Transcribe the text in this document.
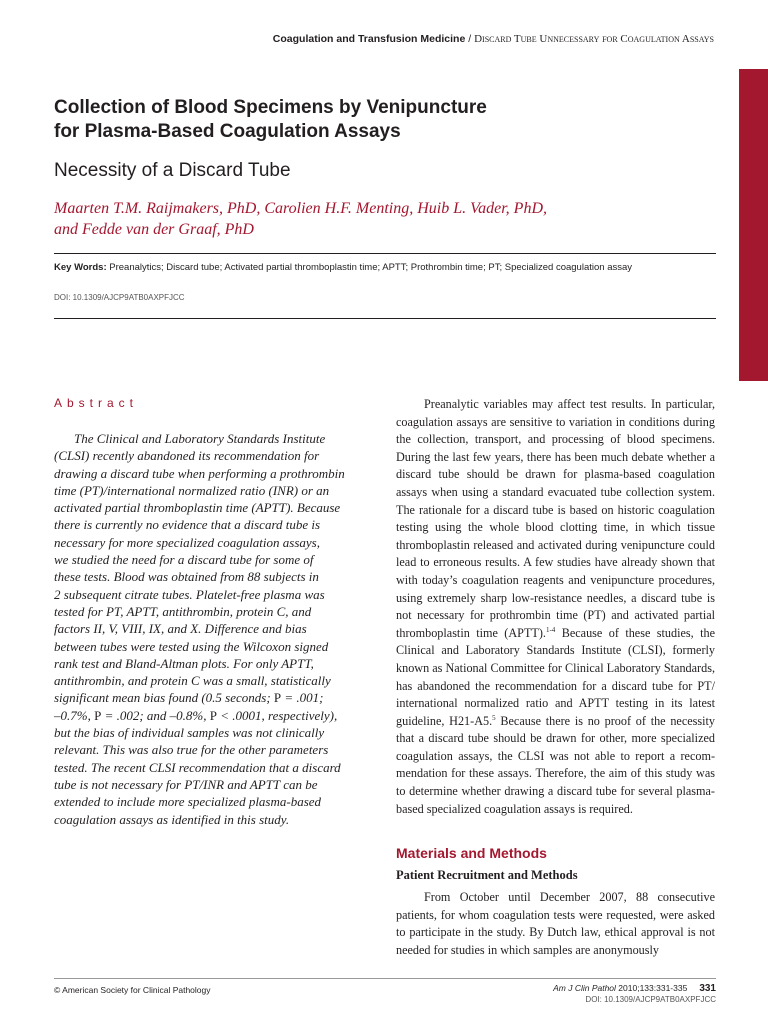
Coagulation and Transfusion Medicine / Discard Tube Unnecessary for Coagulation Assays
Collection of Blood Specimens by Venipuncture
for Plasma-Based Coagulation Assays
Necessity of a Discard Tube
Maarten T.M. Raijmakers, PhD, Carolien H.F. Menting, Huib L. Vader, PhD,
and Fedde van der Graaf, PhD
Key Words: Preanalytics; Discard tube; Activated partial thromboplastin time; APTT; Prothrombin time; PT; Specialized coagulation assay
DOI: 10.1309/AJCP9ATB0AXPFJCC
Abstract
The Clinical and Laboratory Standards Institute
(CLSI) recently abandoned its recommendation for
drawing a discard tube when performing a prothrombin
time (PT)/international normalized ratio (INR) or an
activated partial thromboplastin time (APTT). Because
there is currently no evidence that a discard tube is
necessary for more specialized coagulation assays,
we studied the need for a discard tube for some of
these tests. Blood was obtained from 88 subjects in
2 subsequent citrate tubes. Platelet-free plasma was
tested for PT, APTT, antithrombin, protein C, and
factors II, V, VIII, IX, and X. Difference and bias
between tubes were tested using the Wilcoxon signed
rank test and Bland-Altman plots. For only APTT,
antithrombin, and protein C was a small, statistically
significant mean bias found (0.5 seconds; P = .001;
–0.7%, P = .002; and –0.8%, P < .0001, respectively),
but the bias of individual samples was not clinically
relevant. This was also true for the other parameters
tested. The recent CLSI recommendation that a discard
tube is not necessary for PT/INR and APTT can be
extended to include more specialized plasma-based
coagulation assays as identified in this study.
Preanalytic variables may affect test results. In particular, coagulation assays are sensitive to variation in conditions during the collection, transport, and processing of blood specimens. During the last few years, there has been much debate whether a discard tube should be drawn for plasma-based coagulation assays when using a standard evacuated tube collection system. The rationale for a discard tube is based on historic coagulation testing using the whole blood clotting time, in which tissue thromboplastin released and activated during venipuncture could lead to erroneous results. A few studies have already shown that with today’s coagulation reagents and venipuncture procedures, using extremely sharp low-resistance needles, a discard tube is not necessary for prothrombin time (PT) and activated partial thromboplastin time (APTT).$^{1-4}$ Because of these studies, the Clinical and Laboratory Standards Institute (CLSI), formerly known as National Committee for Clinical Laboratory Standards, has abandoned the recommendation for a discard tube for PT/ international normalized ratio and APTT testing in its latest guideline, H21-A5.$^5$ Because there is no proof of the necessity that a discard tube should be drawn for other, more specialized coagulation assays, the CLSI was not able to report a recommendation for these assays. Therefore, the aim of this study was to determine whether drawing a discard tube for several plasma-based specialized coagulation assays is required.
Materials and Methods
Patient Recruitment and Methods

From October until December 2007, 88 consecutive patients, for whom coagulation tests were requested, were asked to participate in the study. By Dutch law, ethical approval is not needed for studies in which samples are anonymously

© American Society for Clinical Pathology	Am J Clin Pathol 2010;133:331-335 331
DOI: 10.1309/AJCP9ATB0AXPFJCC
